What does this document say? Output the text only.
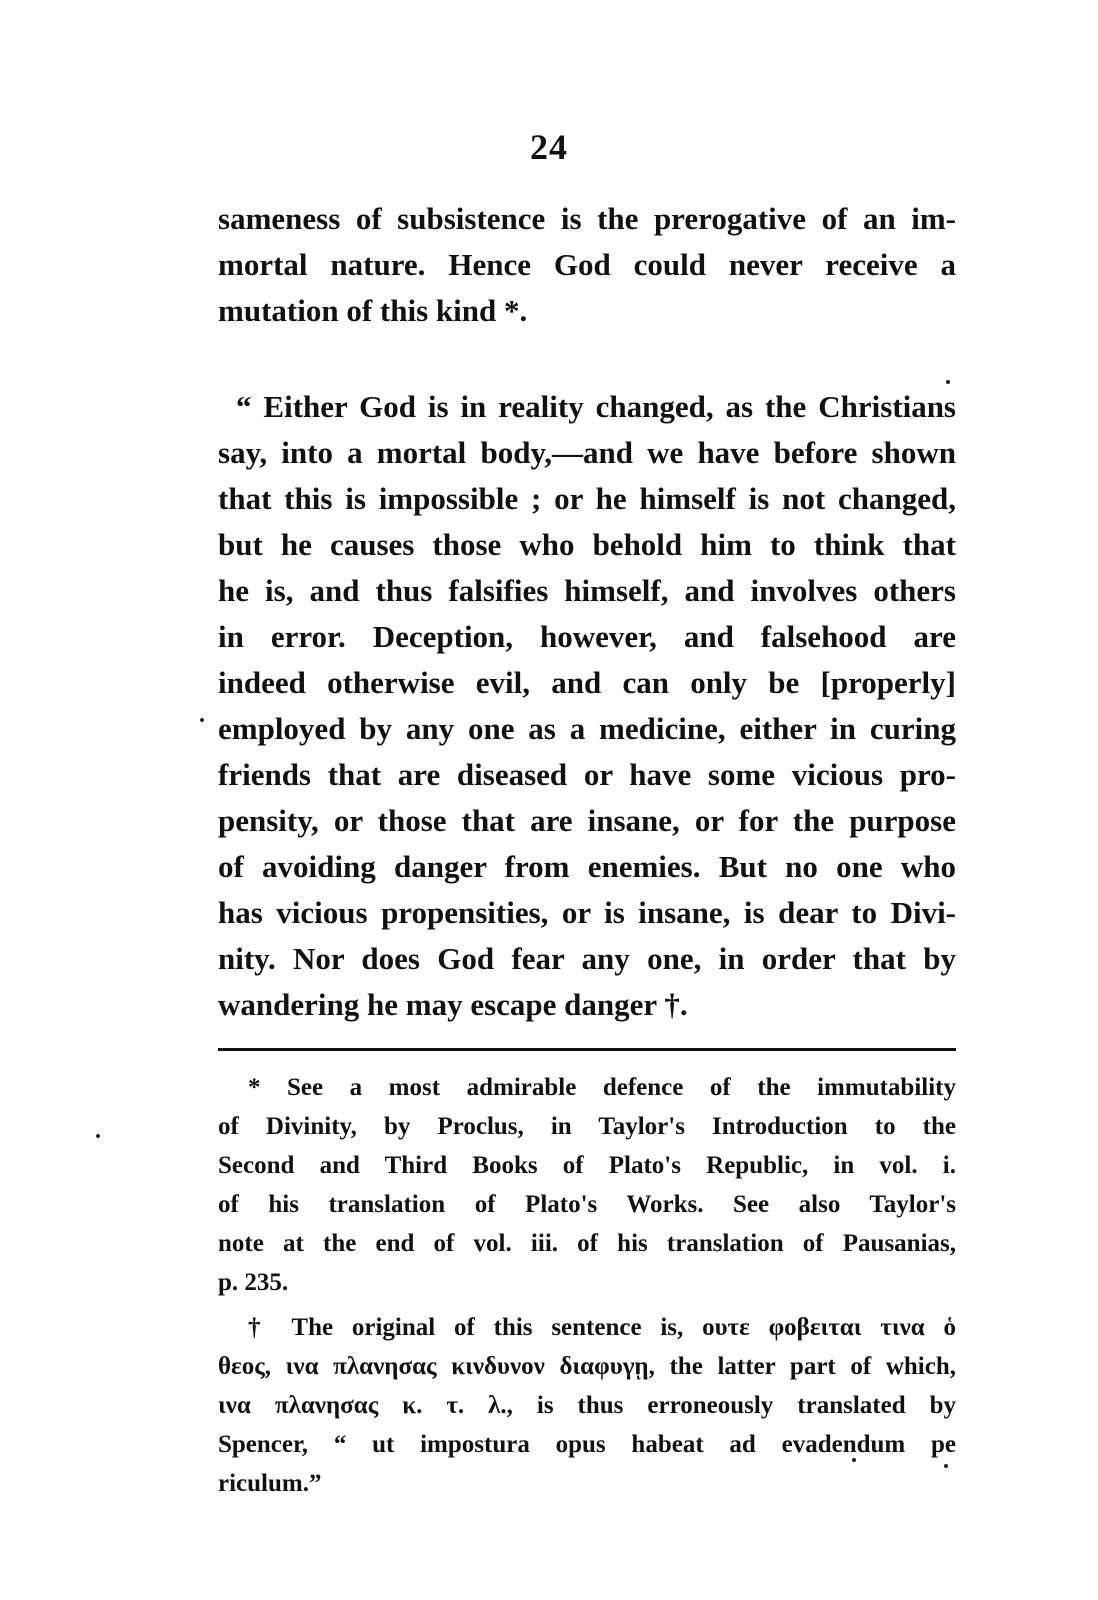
24
sameness of subsistence is the prerogative of an im-
mortal nature. Hence God could never receive a
mutation of this kind *.
“ Either God is in reality changed, as the Christians
say, into a mortal body,—and we have before shown
that this is impossible ; or he himself is not changed,
but he causes those who behold him to think that
he is, and thus falsifies himself, and involves others
in error. Deception, however, and falsehood are
indeed otherwise evil, and can only be [properly]
employed by any one as a medicine, either in curing
friends that are diseased or have some vicious pro-
pensity, or those that are insane, or for the purpose
of avoiding danger from enemies. But no one who
has vicious propensities, or is insane, is dear to Divi-
nity. Nor does God fear any one, in order that by
wandering he may escape danger †.
* See a most admirable defence of the immutability
of Divinity, by Proclus, in Taylor's Introduction to the
Second and Third Books of Plato's Republic, in vol. i.
of his translation of Plato's Works. See also Taylor's
note at the end of vol. iii. of his translation of Pausanias,
p. 235.
† The original of this sentence is, ουτε φοβειται τινα ὁ
θεος, ινα πλανησας κινδυνον διαφυγῃ, the latter part of which,
ινα πλανησας κ. τ. λ., is thus erroneously translated by
Spencer, “ ut impostura opus habeat ad evadendum pe
riculum.”
